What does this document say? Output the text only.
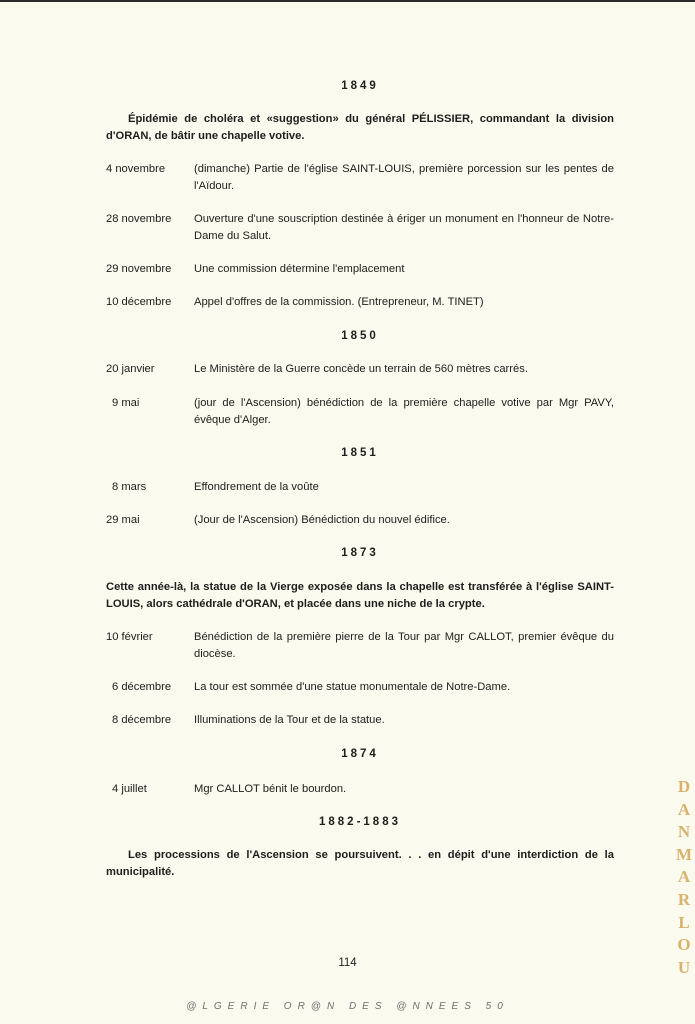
1849
Épidémie de choléra et «suggestion» du général PÉLISSIER, commandant la division d'ORAN, de bâtir une chapelle votive.
4 novembre	(dimanche) Partie de l'église SAINT-LOUIS, première porcession sur les pentes de l'Aïdour.
28 novembre	Ouverture d'une souscription destinée à ériger un monument en l'honneur de Notre-Dame du Salut.
29 novembre	Une commission détermine l'emplacement
10 décembre	Appel d'offres de la commission. (Entrepreneur, M. TINET)
1850
20 janvier	Le Ministère de la Guerre concède un terrain de 560 mètres carrés.
9 mai	(jour de l'Ascension) bénédiction de la première chapelle votive par Mgr PAVY, évêque d'Alger.
1851
8 mars	Effondrement de la voûte
29 mai	(Jour de l'Ascension) Bénédiction du nouvel édifice.
1873
Cette année-là, la statue de la Vierge exposée dans la chapelle est transférée à l'église SAINT-LOUIS, alors cathédrale d'ORAN, et placée dans une niche de la crypte.
10 février	Bénédiction de la première pierre de la Tour par Mgr CALLOT, premier évêque du diocèse.
6 décembre	La tour est sommée d'une statue monumentale de Notre-Dame.
8 décembre	Illuminations de la Tour et de la statue.
1874
4 juillet	Mgr CALLOT bénit le bourdon.
1882-1883
Les processions de l'Ascension se poursuivent. . . en dépit d'une interdiction de la municipalité.
114
@LGERIE OR@N DES @NNEES 50
D
A
N
M
A
R
L
O
U
